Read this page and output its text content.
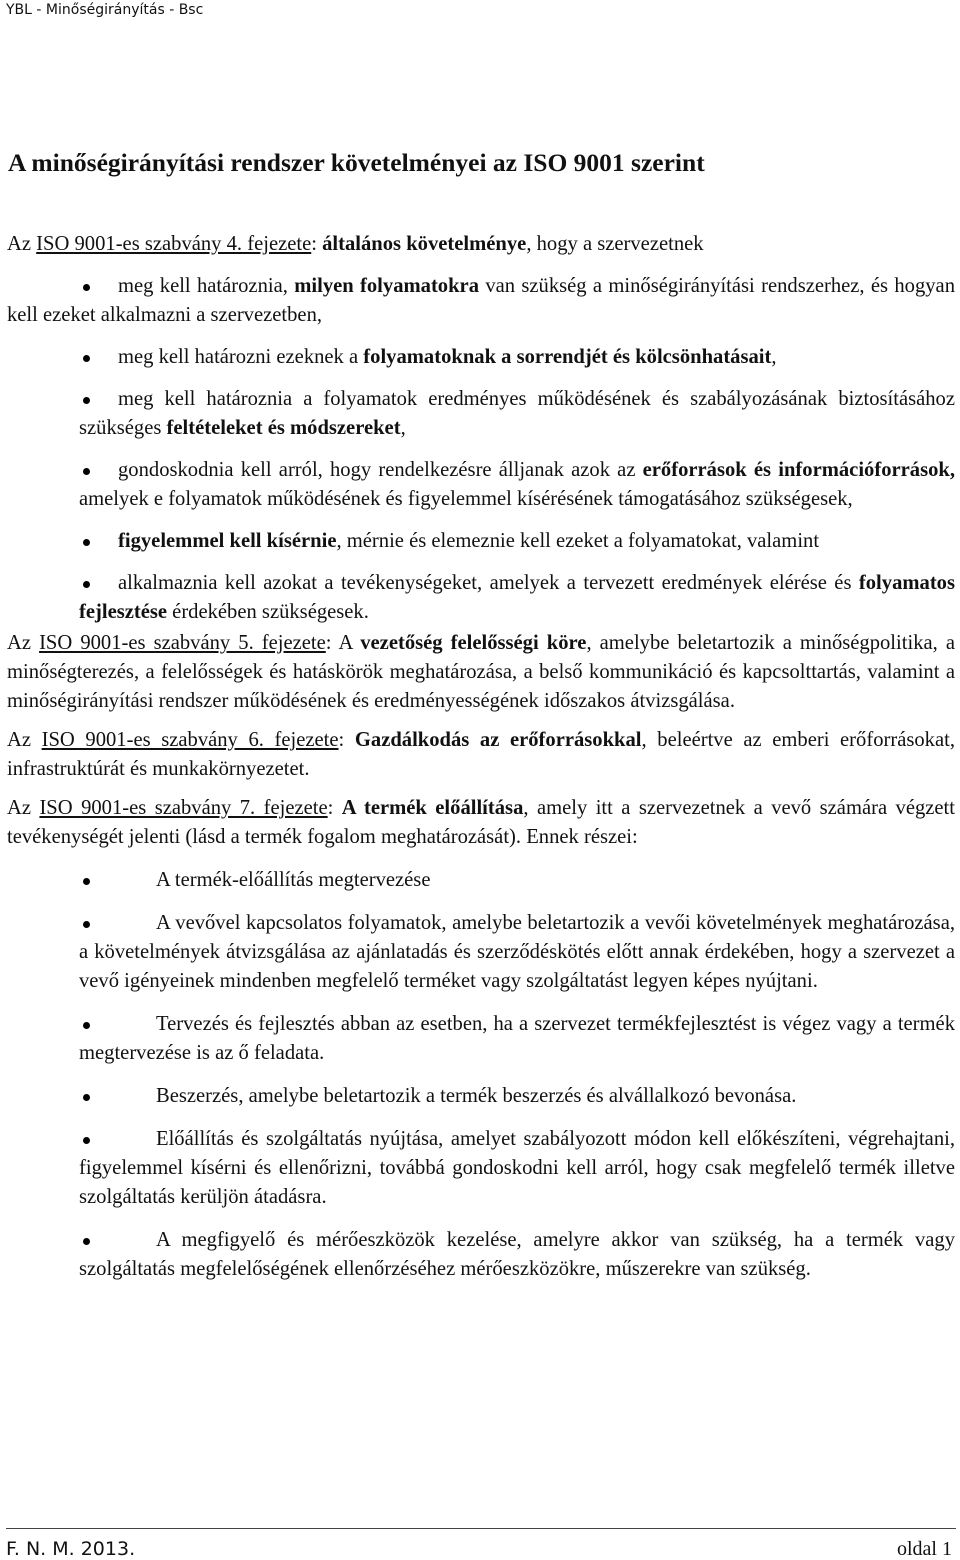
YBL - Minőségirányítás - Bsc
A minőségirányítási rendszer követelményei az ISO 9001 szerint

Az ISO 9001-es szabvány 4. fejezete: általános követelménye, hogy a szervezetnek

meg kell határoznia, milyen folyamatokra van szükség a minőségirányítási rendszerhez, és hogyan kell ezeket alkalmazni a szervezetben,
meg kell határozni ezeknek a folyamatoknak a sorrendjét és kölcsönhatásait,
meg kell határoznia a folyamatok eredményes működésének és szabályozásának biztosításához szükséges feltételeket és módszereket,
gondoskodnia kell arról, hogy rendelkezésre álljanak azok az erőforrások és információforrások, amelyek e folyamatok működésének és figyelemmel kísérésének támogatásához szükségesek,
figyelemmel kell kísérnie, mérnie és elemeznie kell ezeket a folyamatokat, valamint
alkalmaznia kell azokat a tevékenységeket, amelyek a tervezett eredmények elérése és folyamatos fejlesztése érdekében szükségesek.

Az ISO 9001-es szabvány 5. fejezete: A vezetőség felelősségi köre, amelybe beletartozik a minőségpolitika, a minőségterezés, a felelősségek és hatáskörök meghatározása, a belső kommunikáció és kapcsolttartás, valamint a minőségirányítási rendszer működésének és eredményességének időszakos átvizsgálása.

Az ISO 9001-es szabvány 6. fejezete: Gazdálkodás az erőforrásokkal, beleértve az emberi erőforrásokat, infrastruktúrát és munkakörnyezetet.

Az ISO 9001-es szabvány 7. fejezete: A termék előállítása, amely itt a szervezetnek a vevő számára végzett tevékenységét jelenti (lásd a termék fogalom meghatározását). Ennek részei:

A termék-előállítás megtervezése
A vevővel kapcsolatos folyamatok, amelybe beletartozik a vevői követelmények meghatározása, a követelmények átvizsgálása az ajánlatadás és szerződéskötés előtt annak érdekében, hogy a szervezet a vevő igényeinek mindenben megfelelő terméket vagy szolgáltatást legyen képes nyújtani.
Tervezés és fejlesztés abban az esetben, ha a szervezet termékfejlesztést is végez vagy a termék megtervezése is az ő feladata.
Beszerzés, amelybe beletartozik a termék beszerzés és alvállalkozó bevonása.
Előállítás és szolgáltatás nyújtása, amelyet szabályozott módon kell előkészíteni, végrehajtani, figyelemmel kísérni és ellenőrizni, továbbá gondoskodni kell arról, hogy csak megfelelő termék illetve szolgáltatás kerüljön átadásra.
A megfigyelő és mérőeszközök kezelése, amelyre akkor van szükség, ha a termék vagy szolgáltatás megfelelőségének ellenőrzéséhez mérőeszközökre, műszerekre van szükség.
F. N. M. 2013.	oldal 1
